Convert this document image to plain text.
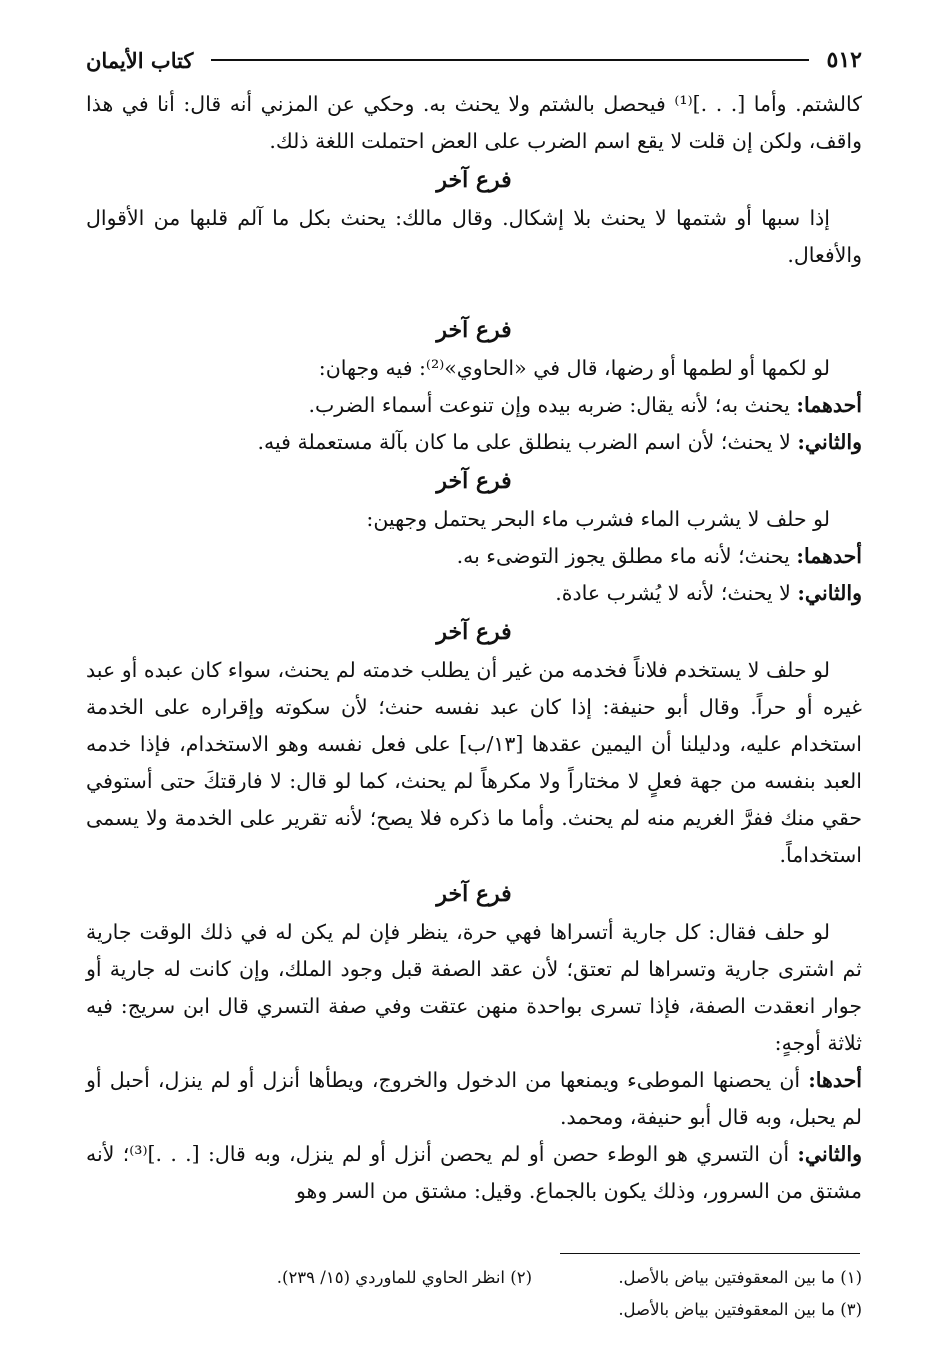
٥١٢
كتاب الأيمان

كالشتم. وأما [. . .]⁽¹⁾ فيحصل بالشتم ولا يحنث به. وحكي عن المزني أنه قال: أنا في هذا واقف، ولكن إن قلت لا يقع اسم الضرب على العض احتملت اللغة ذلك.

فرع آخر

إذا سبها أو شتمها لا يحنث بلا إشكال. وقال مالك: يحنث بكل ما آلم قلبها من الأقوال والأفعال.

فرع آخر

لو لكمها أو لطمها أو رضها، قال في «الحاوي»⁽²⁾: فيه وجهان:

أحدهما: يحنث به؛ لأنه يقال: ضربه بيده وإن تنوعت أسماء الضرب.

والثاني: لا يحنث؛ لأن اسم الضرب ينطلق على ما كان بآلة مستعملة فيه.

فرع آخر

لو حلف لا يشرب الماء فشرب ماء البحر يحتمل وجهين:

أحدهما: يحنث؛ لأنه ماء مطلق يجوز التوضىء به.

والثاني: لا يحنث؛ لأنه لا يُشرب عادة.

فرع آخر

لو حلف لا يستخدم فلاناً فخدمه من غير أن يطلب خدمته لم يحنث، سواء كان عبده أو عبد غيره أو حراً. وقال أبو حنيفة: إذا كان عبد نفسه حنث؛ لأن سكوته وإقراره على الخدمة استخدام عليه، ودليلنا أن اليمين عقدها [١٣/ب] على فعل نفسه وهو الاستخدام، فإذا خدمه العبد بنفسه من جهة فعلٍ لا مختاراً ولا مكرهاً لم يحنث، كما لو قال: لا فارقتكَ حتى أستوفي حقي منك ففرَّ الغريم منه لم يحنث. وأما ما ذكره فلا يصح؛ لأنه تقرير على الخدمة ولا يسمى استخداماً.

فرع آخر

لو حلف فقال: كل جارية أتسراها فهي حرة، ينظر فإن لم يكن له في ذلك الوقت جارية ثم اشترى جارية وتسراها لم تعتق؛ لأن عقد الصفة قبل وجود الملك، وإن كانت له جارية أو جوار انعقدت الصفة، فإذا تسرى بواحدة منهن عتقت وفي صفة التسري قال ابن سريج: فيه ثلاثة أوجهٍ:

أحدها: أن يحصنها الموطىء ويمنعها من الدخول والخروج، ويطأها أنزل أو لم ينزل، أحبل أو لم يحبل، وبه قال أبو حنيفة، ومحمد.

والثاني: أن التسري هو الوطء حصن أو لم يحصن أنزل أو لم ينزل، وبه قال: [. . .]⁽³⁾؛ لأنه مشتق من السرور، وذلك يكون بالجماع. وقيل: مشتق من السر وهو

(١) ما بين المعقوفتين بياض بالأصل.
(٢) انظر الحاوي للماوردي (١٥/ ٢٣٩).
(٣) ما بين المعقوفتين بياض بالأصل.
